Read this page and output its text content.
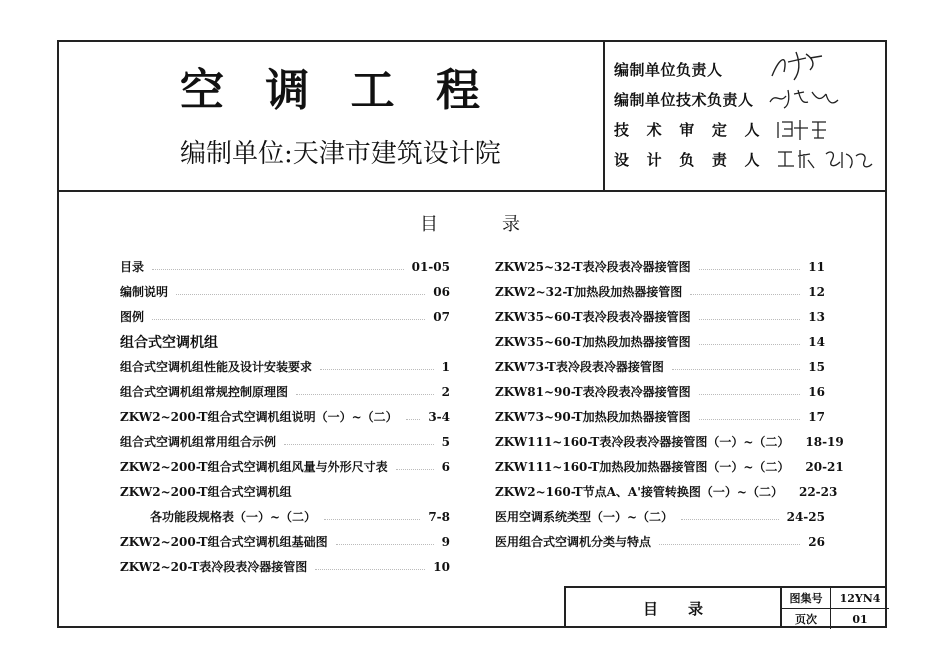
空 调 工 程
编制单位:天津市建筑设计院
编制单位负责人
编制单位技术负责人
技 术 审 定 人
设 计 负 责 人
目	录
目录	01-05
编制说明	06
图例	07
组合式空调机组
组合式空调机组性能及设计安装要求	1
组合式空调机组常规控制原理图	2
ZKW2~200-T组合式空调机组说明（一）~（二）	3-4
组合式空调机组常用组合示例	5
ZKW2~200-T组合式空调机组风量与外形尺寸表	6
ZKW2~200-T组合式空调机组
各功能段规格表（一）~（二）	7-8
ZKW2~200-T组合式空调机组基础图	9
ZKW2~20-T表冷段表冷器接管图	10
ZKW25~32-T表冷段表冷器接管图	11
ZKW2~32-T加热段加热器接管图	12
ZKW35~60-T表冷段表冷器接管图	13
ZKW35~60-T加热段加热器接管图	14
ZKW73-T表冷段表冷器接管图	15
ZKW81~90-T表冷段表冷器接管图	16
ZKW73~90-T加热段加热器接管图	17
ZKW111~160-T表冷段表冷器接管图（一）~（二） 18-19
ZKW111~160-T加热段加热器接管图（一）~（二） 20-21
ZKW2~160-T节点A、A'接管转换图（一）~（二） 22-23
医用空调系统类型（一）~（二）	24-25
医用组合式空调机分类与特点	26
目 录
图集号	12YN4
页次	01
